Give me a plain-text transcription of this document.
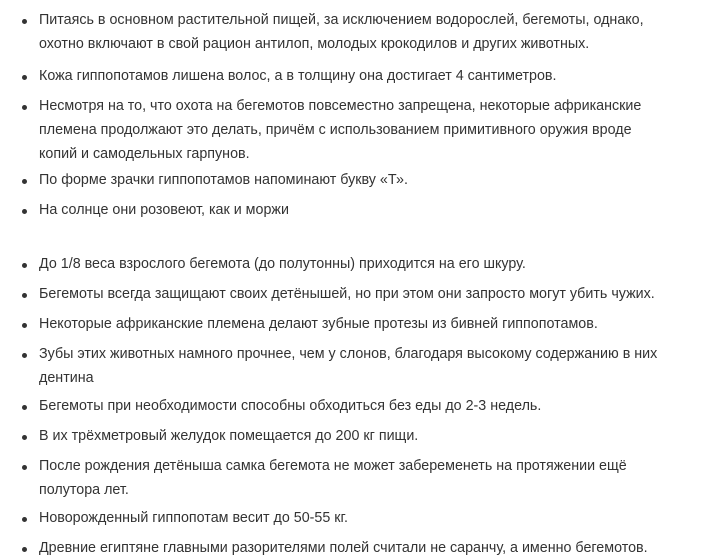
Питаясь в основном растительной пищей, за исключением водорослей, бегемоты, однако,
охотно включают в свой рацион антилоп, молодых крокодилов и других животных.
Кожа гиппопотамов лишена волос, а в толщину она достигает 4 сантиметров.
Несмотря на то, что охота на бегемотов повсеместно запрещена, некоторые африканские
племена продолжают это делать, причём с использованием примитивного оружия вроде
копий и самодельных гарпунов.
По форме зрачки гиппопотамов напоминают букву «Т».
На солнце они розовеют, как и моржи
До 1/8 веса взрослого бегемота (до полутонны) приходится на его шкуру.
Бегемоты всегда защищают своих детёнышей, но при этом они запросто могут убить чужих.
Некоторые африканские племена делают зубные протезы из бивней гиппопотамов.
Зубы этих животных намного прочнее, чем у слонов, благодаря высокому содержанию в них
дентина
Бегемоты при необходимости способны обходиться без еды до 2-3 недель.
В их трёхметровый желудок помещается до 200 кг пищи.
После рождения детёныша самка бегемота не может забеременеть на протяжении ещё
полутора лет.
Новорожденный гиппопотам весит до 50-55 кг.
Древние египтяне главными разорителями полей считали не саранчу, а именно бегемотов.
